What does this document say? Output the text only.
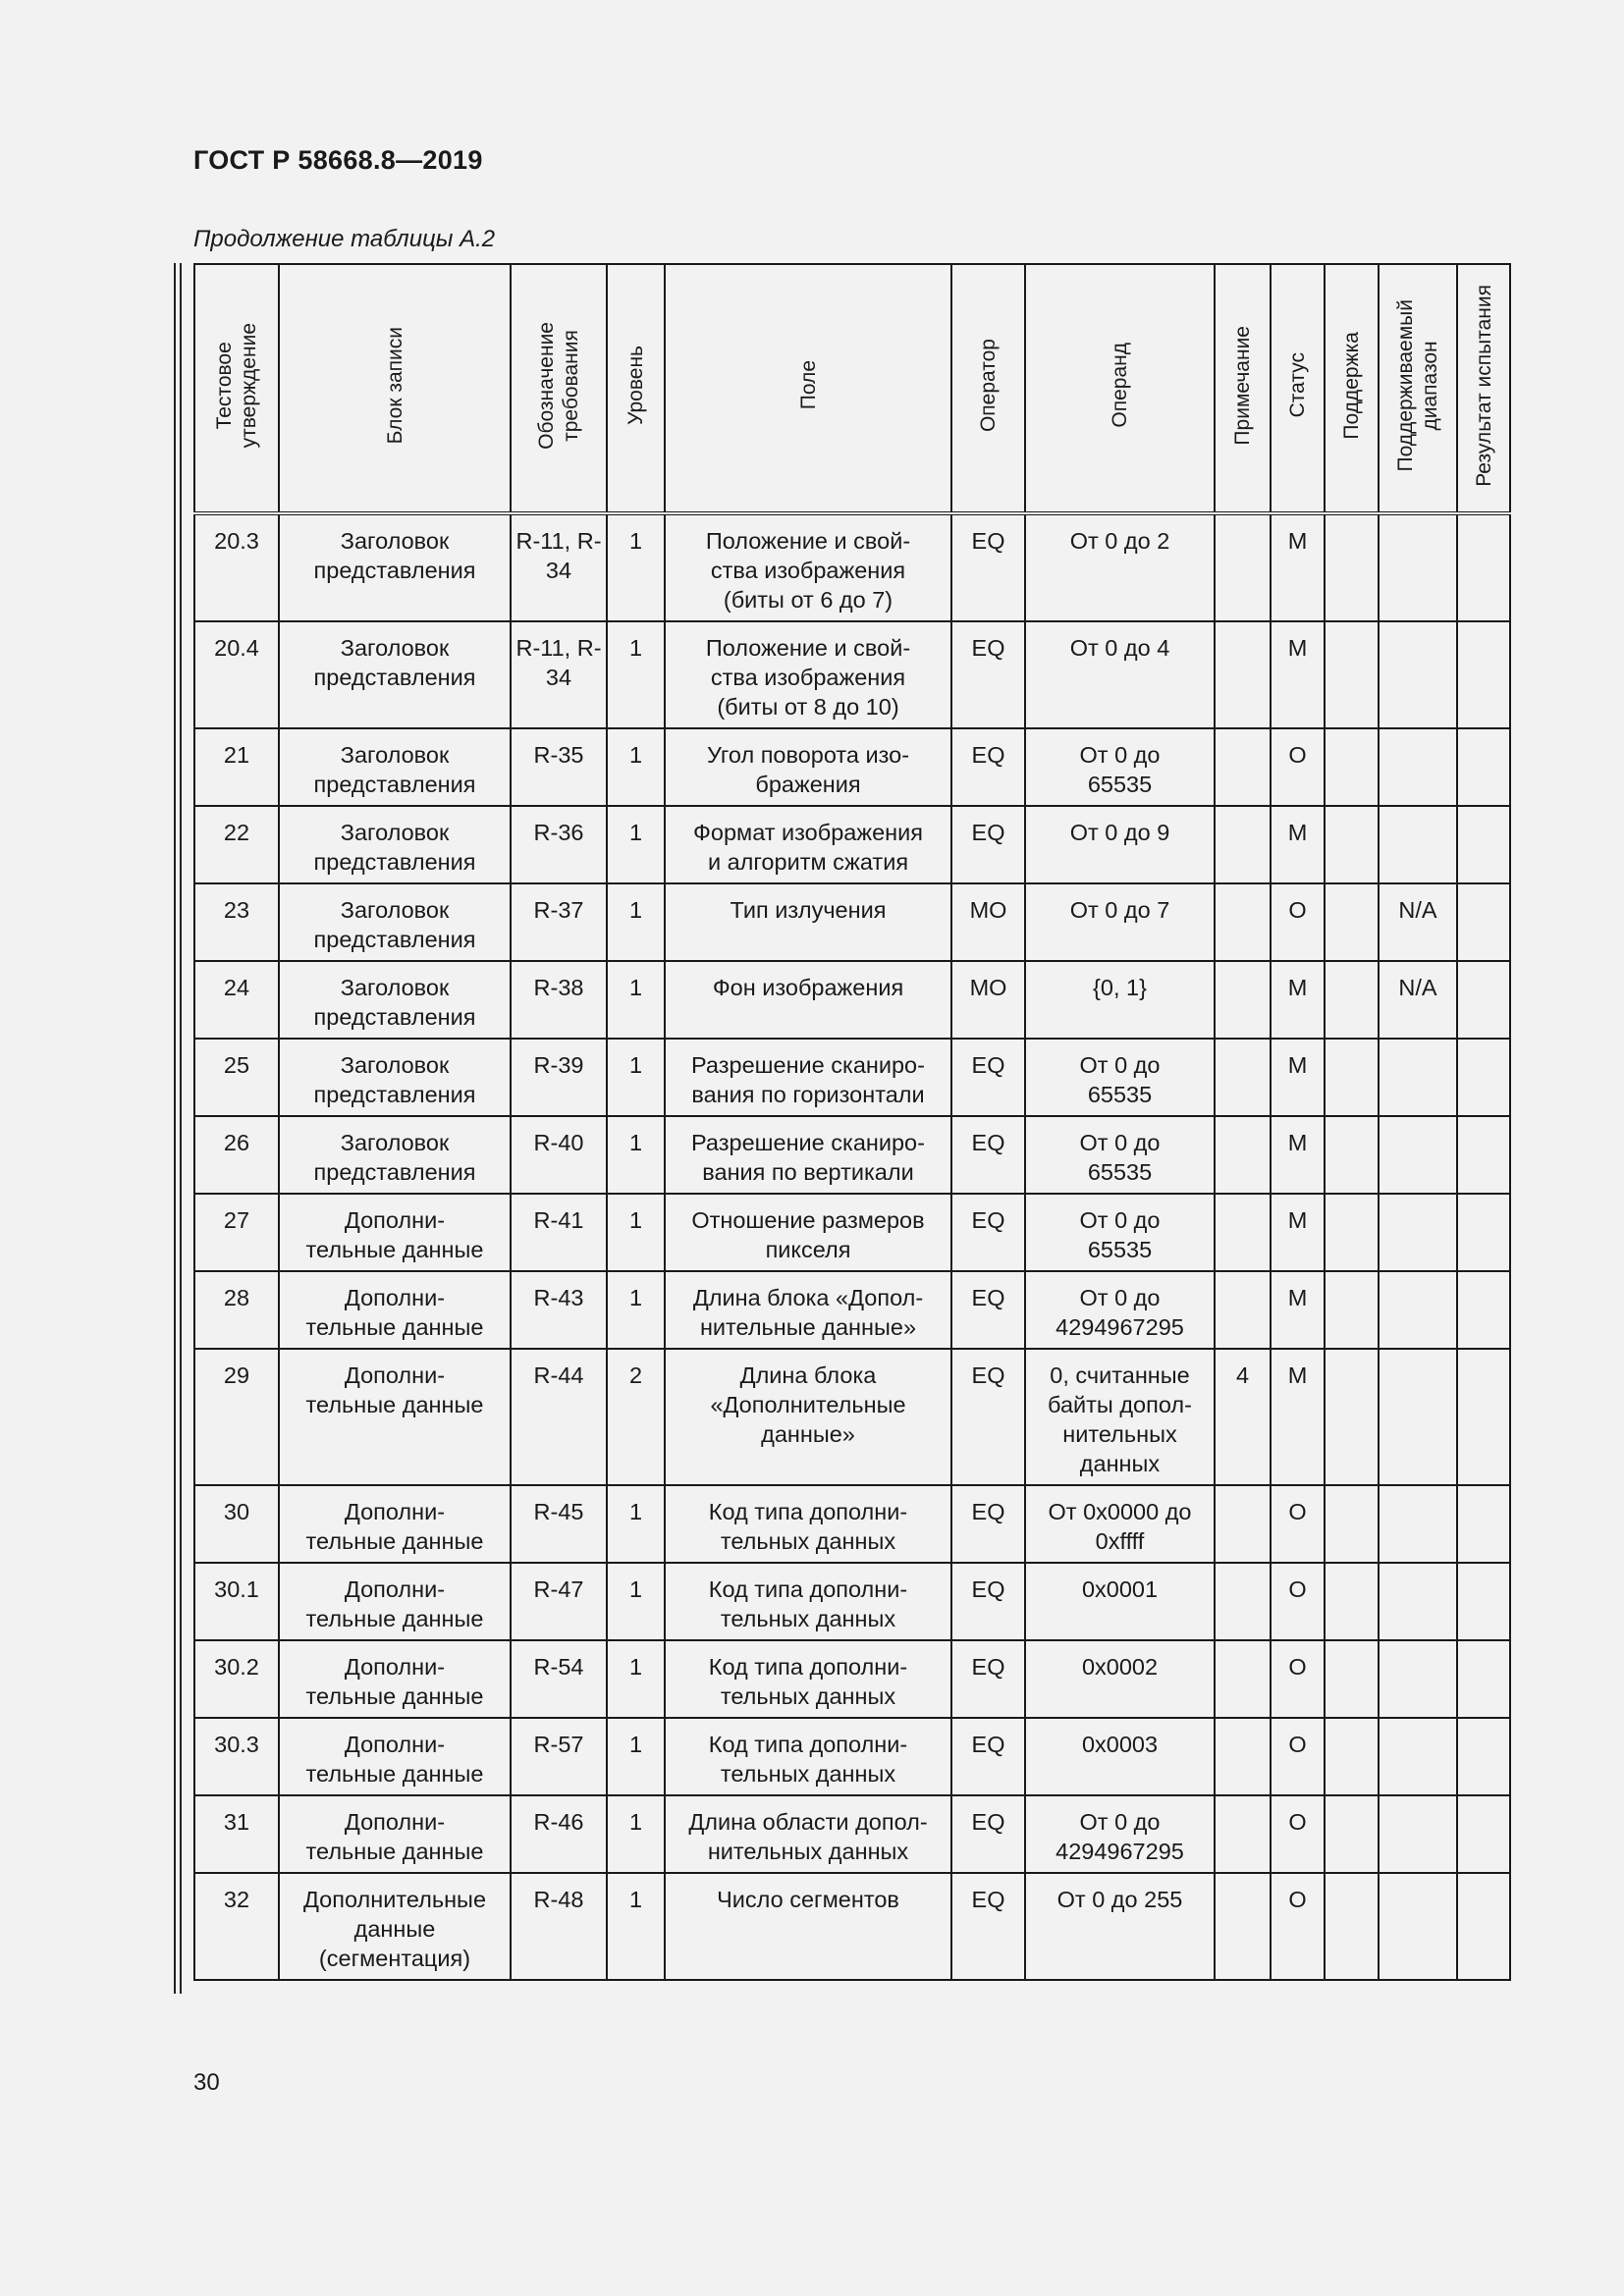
ГОСТ Р 58668.8—2019
Продолжение таблицы А.2
Тестовое
утверждение	Блок записи	Обозначение
требования	Уровень	Поле	Оператор	Операнд	Примечание	Статус	Поддержка	Поддерживаемый
диапазон	Результат испытания
20.3	Заголовок представления	R-11, R-34	1	Положение и свой-
ства изображения
(биты от 6 до 7)	EQ	От 0 до 2		M			
20.4	Заголовок представления	R-11, R-34	1	Положение и свой-
ства изображения
(биты от 8 до 10)	EQ	От 0 до 4		M			
21	Заголовок представления	R-35	1	Угол поворота изо-
бражения	EQ	От 0 до
65535		O			
22	Заголовок представления	R-36	1	Формат изображения
и алгоритм сжатия	EQ	От 0 до 9		M			
23	Заголовок представления	R-37	1	Тип излучения	MO	От 0 до 7		O		N/A	
24	Заголовок представления	R-38	1	Фон изображения	MO	{0, 1}		M		N/A	
25	Заголовок представления	R-39	1	Разрешение сканиро-
вания по горизонтали	EQ	От 0 до
65535		M			
26	Заголовок представления	R-40	1	Разрешение сканиро-
вания по вертикали	EQ	От 0 до
65535		M			
27	Дополни-
тельные данные	R-41	1	Отношение размеров
пикселя	EQ	От 0 до
65535		M			
28	Дополни-
тельные данные	R-43	1	Длина блока «Допол-
нительные данные»	EQ	От 0 до
4294967295		M			
29	Дополни-
тельные данные	R-44	2	Длина блока
«Дополнительные
данные»	EQ	0, считанные
байты допол-
нительных
данных	4	M			
30	Дополни-
тельные данные	R-45	1	Код типа дополни-
тельных данных	EQ	От 0x0000 до
0xffff		O			
30.1	Дополни-
тельные данные	R-47	1	Код типа дополни-
тельных данных	EQ	0x0001		O			
30.2	Дополни-
тельные данные	R-54	1	Код типа дополни-
тельных данных	EQ	0x0002		O			
30.3	Дополни-
тельные данные	R-57	1	Код типа дополни-
тельных данных	EQ	0x0003		O			
31	Дополни-
тельные данные	R-46	1	Длина области допол-
нительных данных	EQ	От 0 до
4294967295		O			
32	Дополнительные
данные
(сегментация)	R-48	1	Число сегментов	EQ	От 0 до 255		O			
30
